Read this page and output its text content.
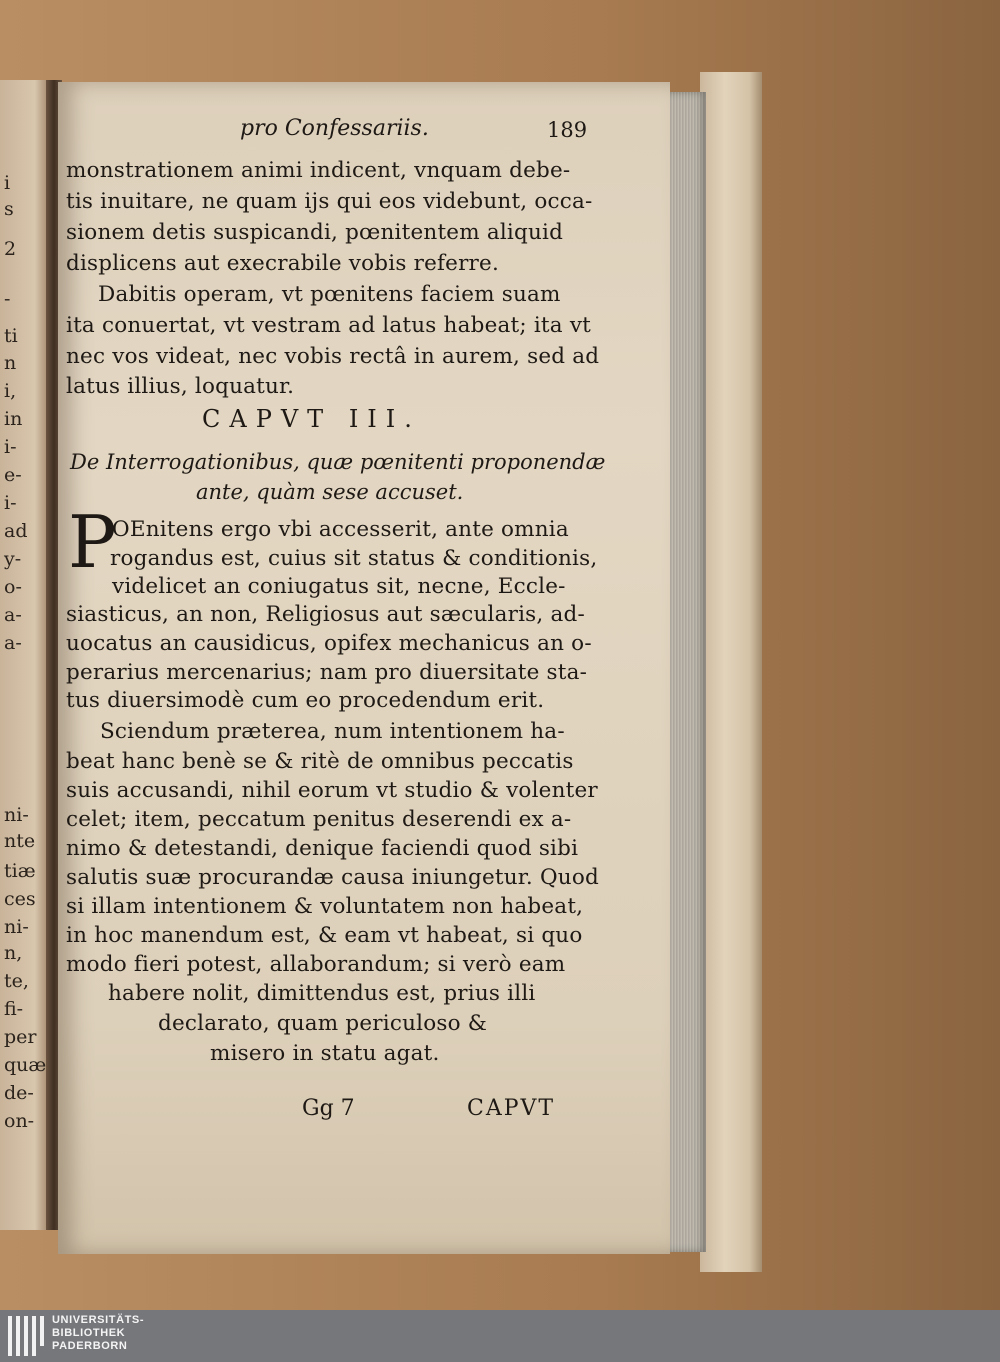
i
s
2
-
ti
n
i,
in
i-
e-
i-
ad
y-
o-
a-
a-
ni-
nte
tiæ
ces
ni-
n,
te,
fi-
per
quæ
de-
on-
pro Confessariis.	189
monstrationem animi indicent, vnquam debe-
tis inuitare, ne quam ijs qui eos videbunt, occa-
sionem detis suspicandi, pœnitentem aliquid
displicens aut execrabile vobis referre.
Dabitis operam, vt pœnitens faciem suam
ita conuertat, vt vestram ad latus habeat; ita vt
nec vos videat, nec vobis rectâ in aurem, sed ad
latus illius, loquatur.
CAPVT III.
De Interrogationibus, quæ pœnitenti proponendæ
ante, quàm sese accuset.
P
OEnitens ergo vbi accesserit, ante omnia
rogandus est, cuius sit status & conditionis,
videlicet an coniugatus sit, necne, Eccle-
siasticus, an non, Religiosus aut sæcularis, ad-
uocatus an causidicus, opifex mechanicus an o-
perarius mercenarius; nam pro diuersitate sta-
tus diuersimodè cum eo procedendum erit.
Sciendum præterea, num intentionem ha-
beat hanc benè se & ritè de omnibus peccatis
suis accusandi, nihil eorum vt studio & volenter
celet; item, peccatum penitus deserendi ex a-
nimo & detestandi, denique faciendi quod sibi
salutis suæ procurandæ causa iniungetur. Quod
si illam intentionem & voluntatem non habeat,
in hoc manendum est, & eam vt habeat, si quo
modo fieri potest, allaborandum; si verò eam
habere nolit, dimittendus est, prius illi
declarato, quam periculoso &
misero in statu agat.
Gg 7	CAPVT
UNIVERSITÄTS-
BIBLIOTHEK
PADERBORN
